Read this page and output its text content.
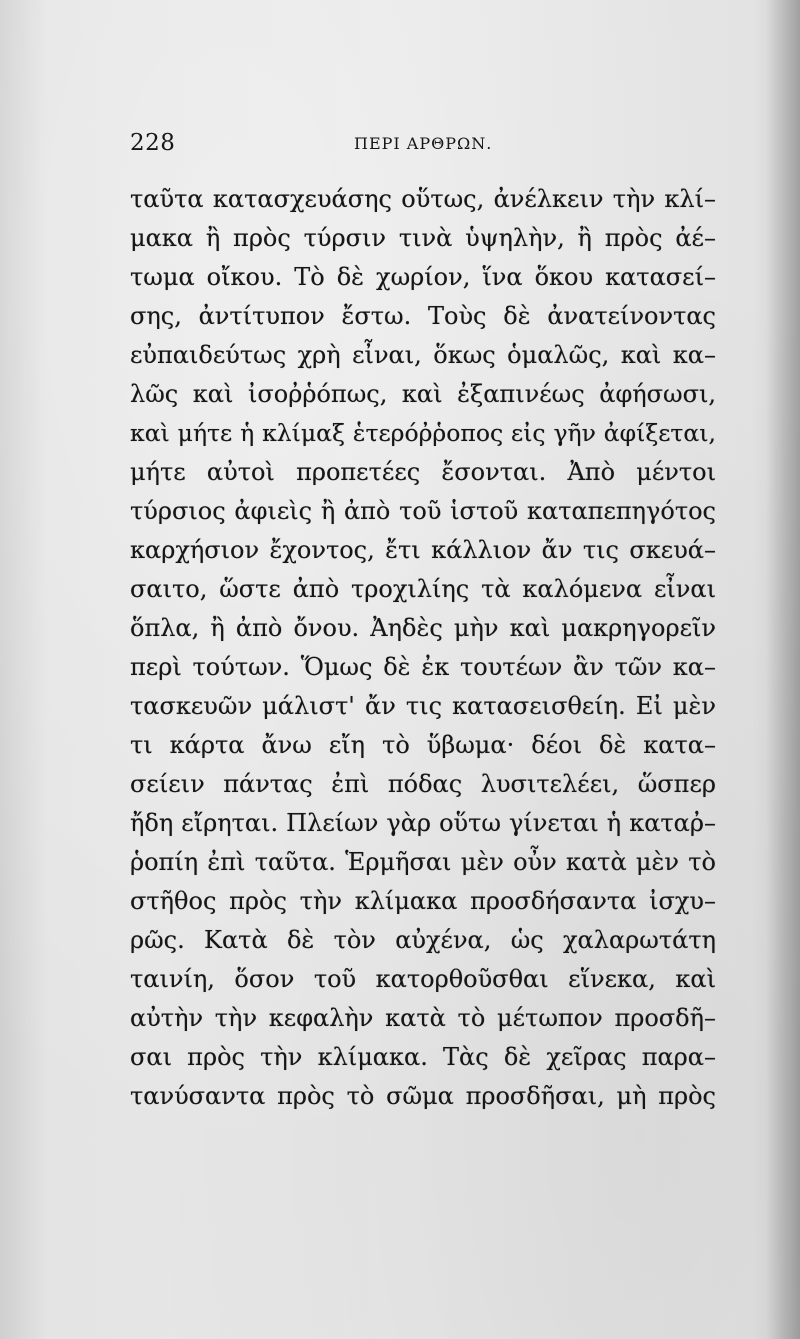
228	ΠΕΡΙ ΑΡΘΡΩΝ.
ταῦτα κατασχευάσης οὕτως, ἀνέλκειν τὴν κλί–
μακα ἢ πρὸς τύρσιν τινὰ ὑψηλὴν, ἢ πρὸς ἀέ–
τωμα οἴκου. Τὸ δὲ χωρίον, ἵνα ὅκου κατασεί–
σης, ἀντίτυπον ἔστω. Τοὺς δὲ ἀνατείνοντας
εὐπαιδεύτως χρὴ εἶναι, ὅκως ὁμαλῶς, καὶ κα–
λῶς καὶ ἰσοῤῥόπως, καὶ ἐξαπινέως ἀφήσωσι,
καὶ μήτε ἡ κλίμαξ ἑτερόῤῥοπος εἰς γῆν ἀφίξεται,
μήτε αὐτοὶ προπετέες ἔσονται. Ἀπὸ μέντοι
τύρσιος ἀφιεὶς ἢ ἀπὸ τοῦ ἱστοῦ καταπεπηγότος
καρχήσιον ἔχοντος, ἔτι κάλλιον ἄν τις σκευά–
σαιτο, ὥστε ἀπὸ τροχιλίης τὰ καλόμενα εἶναι
ὅπλα, ἢ ἀπὸ ὄνου. Ἀηδὲς μὴν καὶ μακρηγορεῖν
περὶ τούτων. Ὅμως δὲ ἐκ τουτέων ἂν τῶν κα–
τασκευῶν μάλιστ' ἄν τις κατασεισθείη. Εἰ μὲν
τι κάρτα ἄνω εἴη τὸ ὕβωμα· δέοι δὲ κατα–
σείειν πάντας ἐπὶ πόδας λυσιτελέει, ὥσπερ
ἤδη εἴρηται. Πλείων γὰρ οὕτω γίνεται ἡ καταῤ–
ῥοπίη ἐπὶ ταῦτα. Ἑρμῆσαι μὲν οὖν κατὰ μὲν τὸ
στῆθος πρὸς τὴν κλίμακα προσδήσαντα ἰσχυ–
ρῶς. Κατὰ δὲ τὸν αὐχένα, ὡς χαλαρωτάτη
ταινίη, ὅσον τοῦ κατορθοῦσθαι εἵνεκα, καὶ
αὐτὴν τὴν κεφαλὴν κατὰ τὸ μέτωπον προσδῆ–
σαι πρὸς τὴν κλίμακα. Τὰς δὲ χεῖρας παρα–
τανύσαντα πρὸς τὸ σῶμα προσδῆσαι, μὴ πρὸς
